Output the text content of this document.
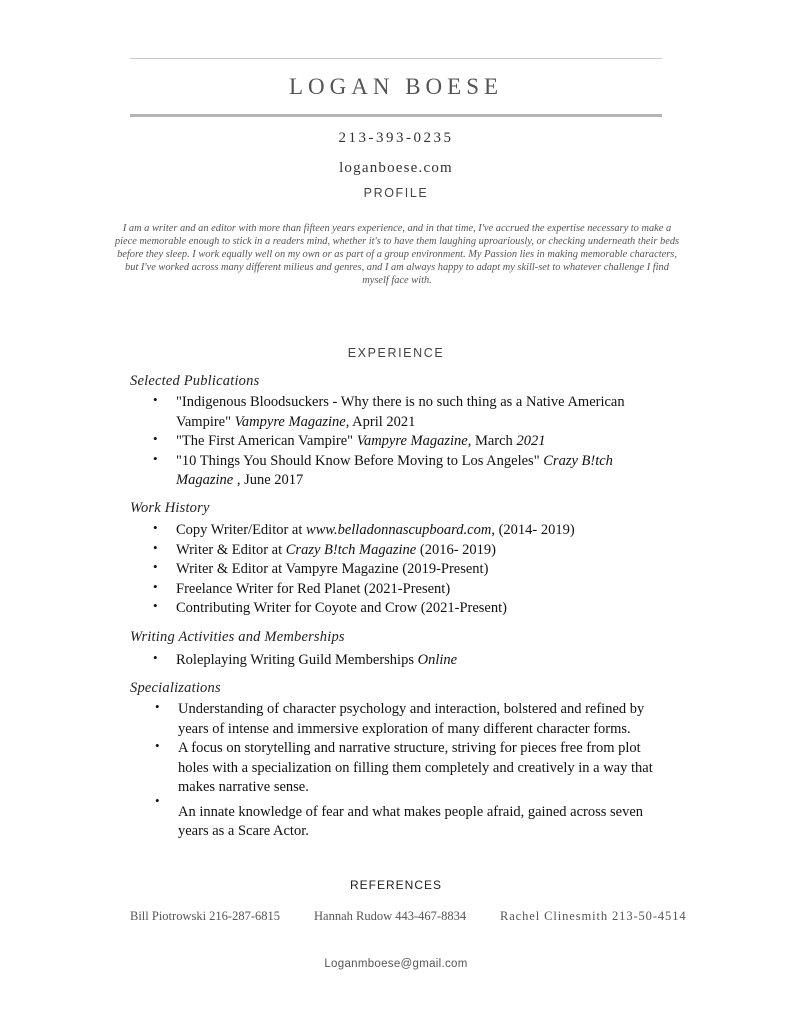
LOGAN BOESE
213-393-0235
loganboese.com
PROFILE
I am a writer and an editor with more than fifteen years experience, and in that time, I've accrued the expertise necessary to make a piece memorable enough to stick in a readers mind, whether it's to have them laughing uproariously, or checking underneath their beds before they sleep. I work equally well on my own or as part of a group environment. My Passion lies in making memorable characters, but I've worked across many different milieus and genres, and I am always happy to adapt my skill-set to whatever challenge I find myself face with.
EXPERIENCE
Selected Publications
• "Indigenous Bloodsuckers - Why there is no such thing as a Native American Vampire" Vampyre Magazine, April 2021
• "The First American Vampire" Vampyre Magazine, March 2021
• "10 Things You Should Know Before Moving to Los Angeles" Crazy B!tch Magazine , June 2017
Work History
• Copy Writer/Editor at www.belladonnascupboard.com, (2014- 2019)
• Writer & Editor at Crazy B!tch Magazine (2016- 2019)
• Writer & Editor at Vampyre Magazine (2019-Present)
• Freelance Writer for Red Planet (2021-Present)
• Contributing Writer for Coyote and Crow (2021-Present)
Writing Activities and Memberships
• Roleplaying Writing Guild Memberships Online
Specializations
• Understanding of character psychology and interaction, bolstered and refined by years of intense and immersive exploration of many different character forms.
• A focus on storytelling and narrative structure, striving for pieces free from plot holes with a specialization on filling them completely and creatively in a way that makes narrative sense.
• An innate knowledge of fear and what makes people afraid, gained across seven years as a Scare Actor.
REFERENCES
Bill Piotrowski 216-287-6815	Hannah Rudow 443-467-8834	Rachel Clinesmith 213-50-4514
Loganmboese@gmail.com
